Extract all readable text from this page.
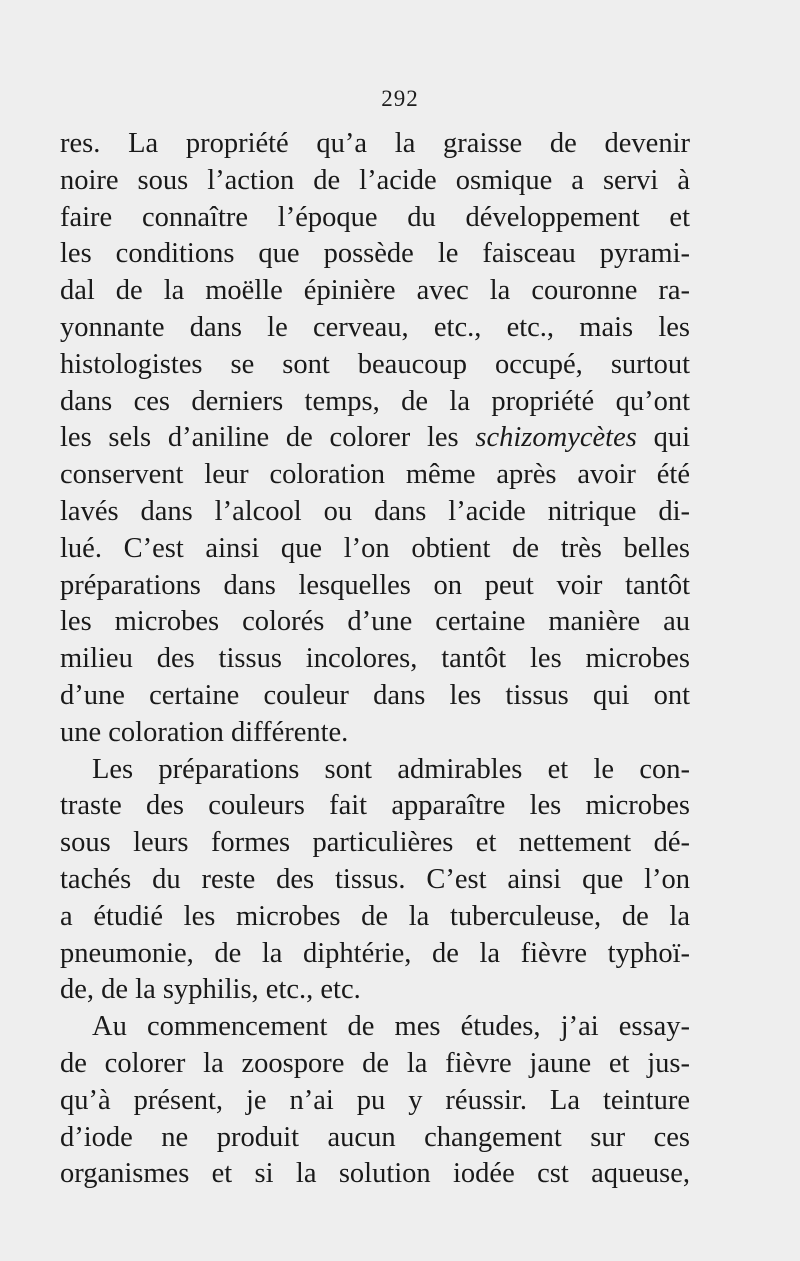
292
res. La propriété qu’a la graisse de devenir
noire sous l’action de l’acide osmique a servi à
faire connaître l’époque du développement et
les conditions que possède le faisceau pyrami-
dal de la moëlle épinière avec la couronne ra-
yonnante dans le cerveau, etc., etc., mais les
histologistes se sont beaucoup occupé, surtout
dans ces derniers temps, de la propriété qu’ont
les sels d’aniline de colorer les schizomycètes qui
conservent leur coloration même après avoir été
lavés dans l’alcool ou dans l’acide nitrique di-
lué. C’est ainsi que l’on obtient de très belles
préparations dans lesquelles on peut voir tantôt
les microbes colorés d’une certaine manière au
milieu des tissus incolores, tantôt les microbes
d’une certaine couleur dans les tissus qui ont
une coloration différente.
Les préparations sont admirables et le con-
traste des couleurs fait apparaître les microbes
sous leurs formes particulières et nettement dé-
tachés du reste des tissus. C’est ainsi que l’on
a étudié les microbes de la tuberculeuse, de la
pneumonie, de la diphtérie, de la fièvre typhoï-
de, de la syphilis, etc., etc.
Au commencement de mes études, j’ai essay-
de colorer la zoospore de la fièvre jaune et jus-
qu’à présent, je n’ai pu y réussir. La teinture
d’iode ne produit aucun changement sur ces
organismes et si la solution iodée cst aqueuse,
